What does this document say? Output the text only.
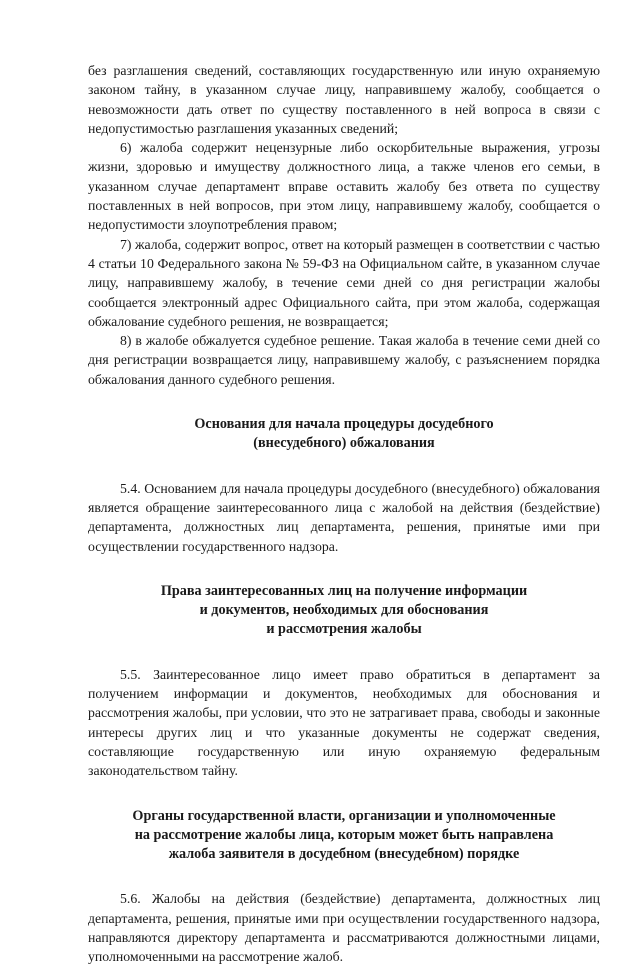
без разглашения сведений, составляющих государственную или иную охраняемую законом тайну, в указанном случае лицу, направившему жалобу, сообщается о невозможности дать ответ по существу поставленного в ней вопроса в связи с недопустимостью разглашения указанных сведений;

6) жалоба содержит нецензурные либо оскорбительные выражения, угрозы жизни, здоровью и имуществу должностного лица, а также членов его семьи, в указанном случае департамент вправе оставить жалобу без ответа по существу поставленных в ней вопросов, при этом лицу, направившему жалобу, сообщается о недопустимости злоупотребления правом;

7) жалоба, содержит вопрос, ответ на который размещен в соответствии с частью 4 статьи 10 Федерального закона № 59-ФЗ на Официальном сайте, в указанном случае лицу, направившему жалобу, в течение семи дней со дня регистрации жалобы сообщается электронный адрес Официального сайта, при этом жалоба, содержащая обжалование судебного решения, не возвращается;

8) в жалобе обжалуется судебное решение. Такая жалоба в течение семи дней со дня регистрации возвращается лицу, направившему жалобу, с разъяснением порядка обжалования данного судебного решения.

Основания для начала процедуры досудебного
(внесудебного) обжалования

5.4. Основанием для начала процедуры досудебного (внесудебного) обжалования является обращение заинтересованного лица с жалобой на действия (бездействие) департамента, должностных лиц департамента, решения, принятые ими при осуществлении государственного надзора.

Права заинтересованных лиц на получение информации
и документов, необходимых для обоснования
и рассмотрения жалобы

5.5. Заинтересованное лицо имеет право обратиться в департамент за получением информации и документов, необходимых для обоснования и рассмотрения жалобы, при условии, что это не затрагивает права, свободы и законные интересы других лиц и что указанные документы не содержат сведения, составляющие государственную или иную охраняемую федеральным законодательством тайну.

Органы государственной власти, организации и уполномоченные
на рассмотрение жалобы лица, которым может быть направлена
жалоба заявителя в досудебном (внесудебном) порядке

5.6. Жалобы на действия (бездействие) департамента, должностных лиц департамента, решения, принятые ими при осуществлении государственного надзора, направляются директору департамента и рассматриваются должностными лицами, уполномоченными на рассмотрение жалоб.
